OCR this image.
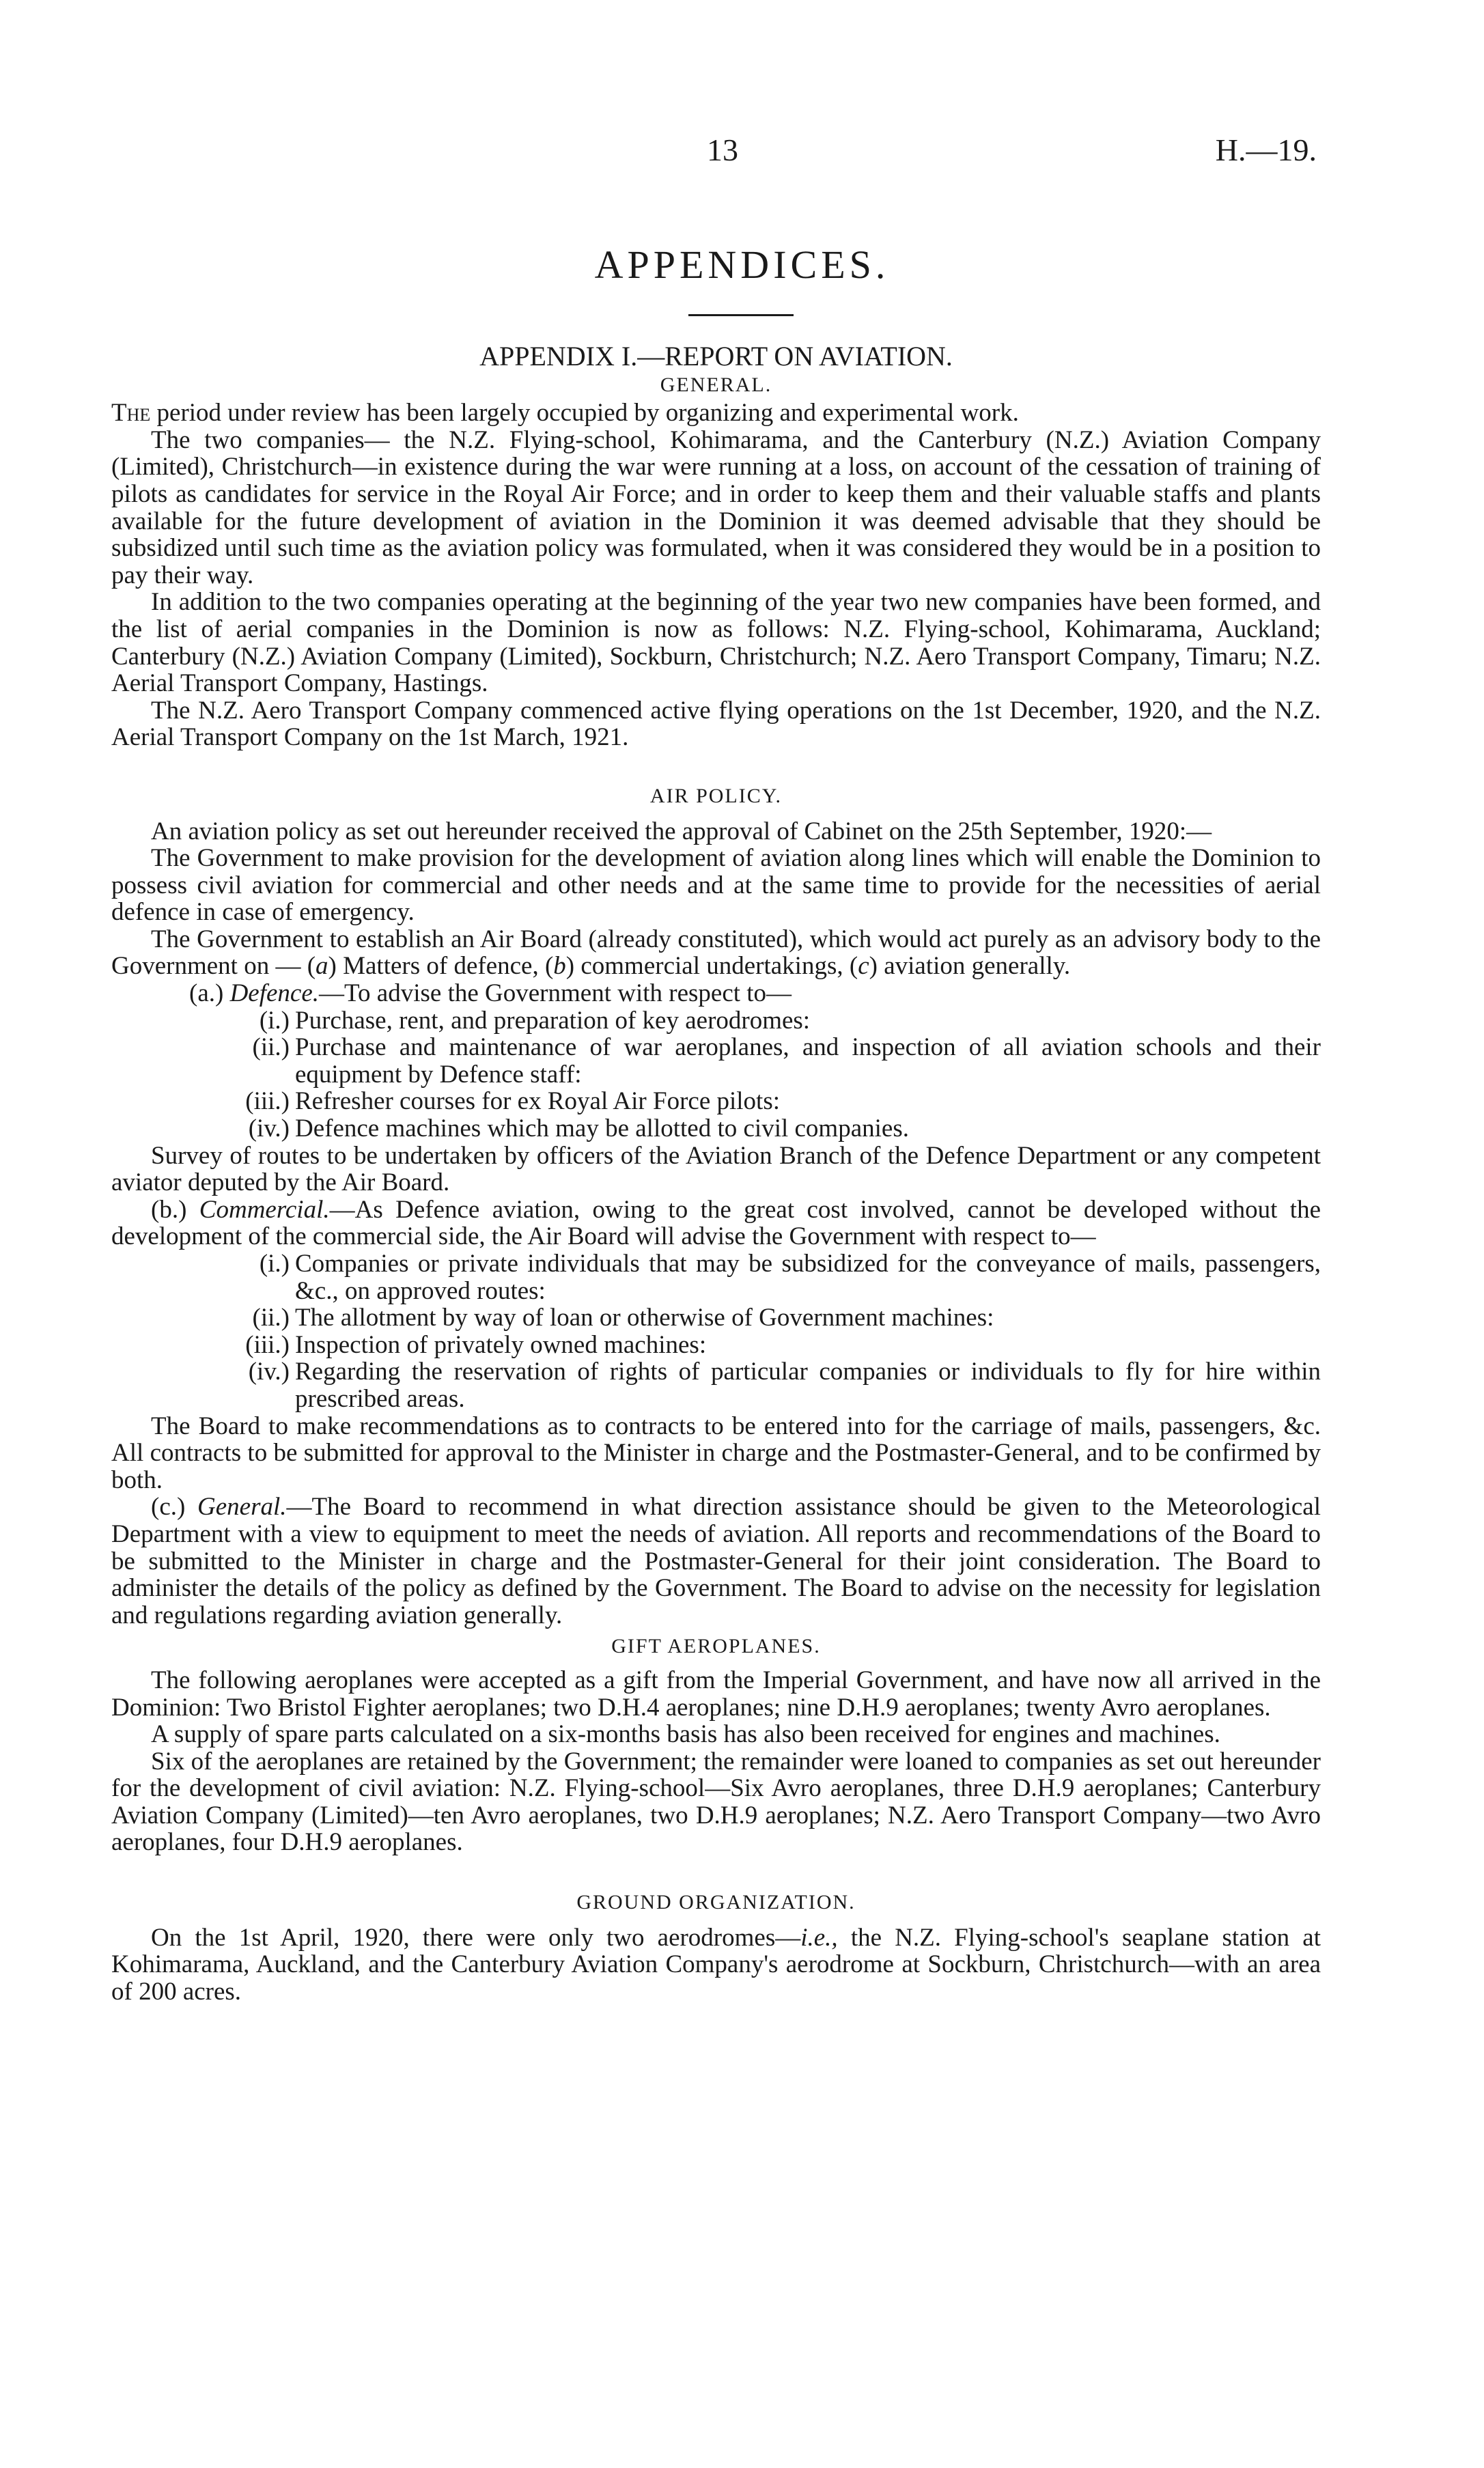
13	H.—19.
APPENDICES.
APPENDIX I.—REPORT ON AVIATION.
GENERAL.

The period under review has been largely occupied by organizing and experimental work.

The two companies— the N.Z. Flying-school, Kohimarama, and the Canterbury (N.Z.) Aviation Company (Limited), Christchurch—in existence during the war were running at a loss, on account of the cessation of training of pilots as candidates for service in the Royal Air Force; and in order to keep them and their valuable staffs and plants available for the future development of aviation in the Dominion it was deemed advisable that they should be subsidized until such time as the aviation policy was formulated, when it was considered they would be in a position to pay their way.

In addition to the two companies operating at the beginning of the year two new companies have been formed, and the list of aerial companies in the Dominion is now as follows: N.Z. Flying-school, Kohimarama, Auckland; Canterbury (N.Z.) Aviation Company (Limited), Sockburn, Christchurch; N.Z. Aero Transport Company, Timaru; N.Z. Aerial Transport Company, Hastings.

The N.Z. Aero Transport Company commenced active flying operations on the 1st December, 1920, and the N.Z. Aerial Transport Company on the 1st March, 1921.

AIR POLICY.

An aviation policy as set out hereunder received the approval of Cabinet on the 25th September, 1920:—

The Government to make provision for the development of aviation along lines which will enable the Dominion to possess civil aviation for commercial and other needs and at the same time to provide for the necessities of aerial defence in case of emergency.

The Government to establish an Air Board (already constituted), which would act purely as an advisory body to the Government on — (a) Matters of defence, (b) commercial undertakings, (c) aviation generally.

(a.) Defence.—To advise the Government with respect to—

(i.) Purchase, rent, and preparation of key aerodromes:

(ii.) Purchase and maintenance of war aeroplanes, and inspection of all aviation schools and their equipment by Defence staff:

(iii.) Refresher courses for ex Royal Air Force pilots:

(iv.) Defence machines which may be allotted to civil companies.

Survey of routes to be undertaken by officers of the Aviation Branch of the Defence Department or any competent aviator deputed by the Air Board.

(b.) Commercial.—As Defence aviation, owing to the great cost involved, cannot be developed without the development of the commercial side, the Air Board will advise the Government with respect to—

(i.) Companies or private individuals that may be subsidized for the conveyance of mails, passengers, &c., on approved routes:

(ii.) The allotment by way of loan or otherwise of Government machines:

(iii.) Inspection of privately owned machines:

(iv.) Regarding the reservation of rights of particular companies or individuals to fly for hire within prescribed areas.

The Board to make recommendations as to contracts to be entered into for the carriage of mails, passengers, &c. All contracts to be submitted for approval to the Minister in charge and the Postmaster-General, and to be confirmed by both.

(c.) General.—The Board to recommend in what direction assistance should be given to the Meteorological Department with a view to equipment to meet the needs of aviation. All reports and recommendations of the Board to be submitted to the Minister in charge and the Postmaster-General for their joint consideration. The Board to administer the details of the policy as defined by the Government. The Board to advise on the necessity for legislation and regulations regarding aviation generally.

GIFT AEROPLANES.

The following aeroplanes were accepted as a gift from the Imperial Government, and have now all arrived in the Dominion: Two Bristol Fighter aeroplanes; two D.H.4 aeroplanes; nine D.H.9 aeroplanes; twenty Avro aeroplanes.

A supply of spare parts calculated on a six-months basis has also been received for engines and machines.

Six of the aeroplanes are retained by the Government; the remainder were loaned to companies as set out hereunder for the development of civil aviation: N.Z. Flying-school—Six Avro aeroplanes, three D.H.9 aeroplanes; Canterbury Aviation Company (Limited)—ten Avro aeroplanes, two D.H.9 aeroplanes; N.Z. Aero Transport Company—two Avro aeroplanes, four D.H.9 aeroplanes.

GROUND ORGANIZATION.

On the 1st April, 1920, there were only two aerodromes—i.e., the N.Z. Flying-school's seaplane station at Kohimarama, Auckland, and the Canterbury Aviation Company's aerodrome at Sockburn, Christchurch—with an area of 200 acres.
